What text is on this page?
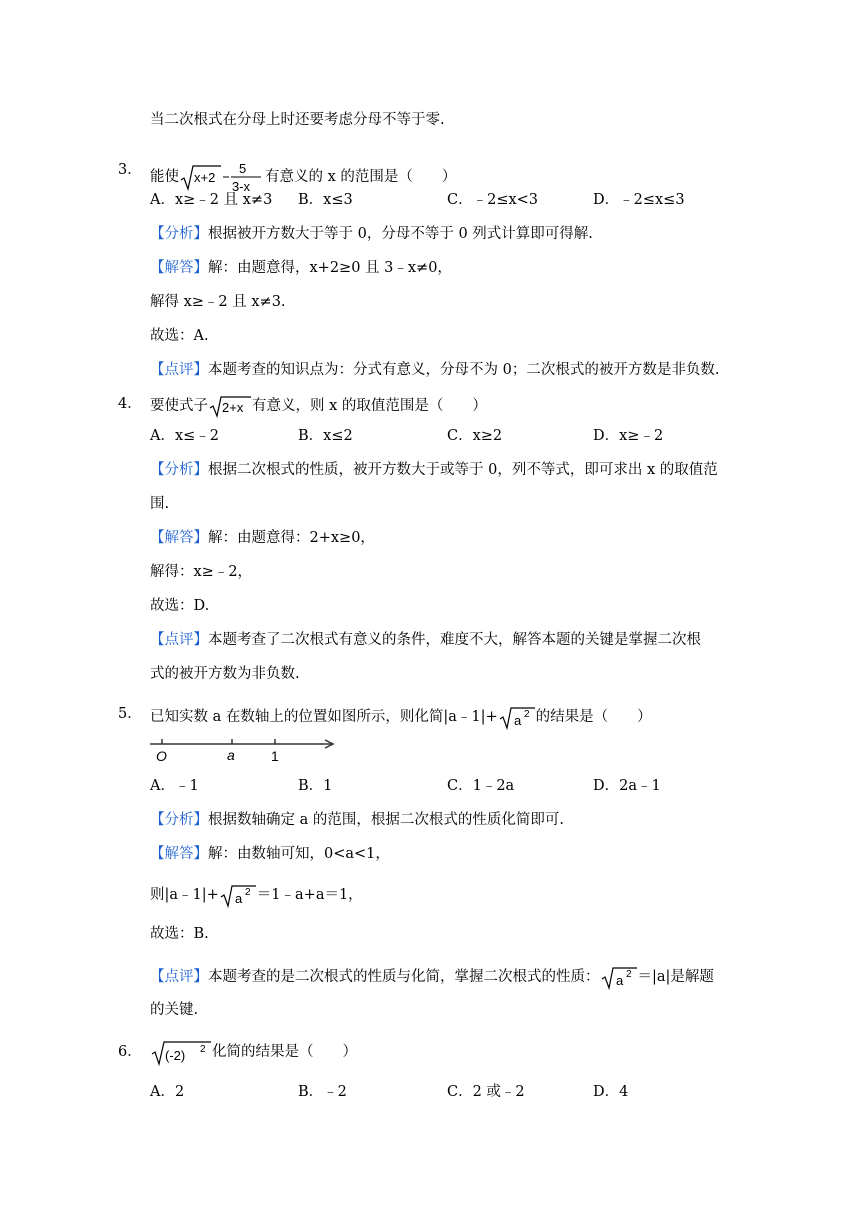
当二次根式在分母上时还要考虑分母不等于零.
3． 能使 x+2
5
3-x
有意义的 x 的范围是（　　）
A．x≥﹣2 且 x≠3 B．x≤3	C．﹣2≤x<3	D．﹣2≤x≤3
【分析】根据被开方数大于等于 0，分母不等于 0 列式计算即可得解.
【解答】解：由题意得，x+2≥0 且 3﹣x≠0，
解得 x≥﹣2 且 x≠3.
故选：A.
【点评】本题考查的知识点为：分式有意义，分母不为 0；二次根式的被开方数是非负数.
4． 要使式子 2+x 有意义，则 x 的取值范围是（　　）
A．x≤﹣2	B．x≤2	C．x≥2	D．x≥﹣2
【分析】根据二次根式的性质，被开方数大于或等于 0，列不等式，即可求出 x 的取值范
围.
【解答】解：由题意得：2+x≥0，
解得：x≥﹣2，
故选：D.
【点评】本题考查了二次根式有意义的条件，难度不大，解答本题的关键是掌握二次根
式的被开方数为非负数.
5． 已知实数 a 在数轴上的位置如图所示，则化简|a﹣1|+ a 2 的结果是（　　）
O	a	1
A．﹣1	B．1	C．1﹣2a	D．2a﹣1
【分析】根据数轴确定 a 的范围，根据二次根式的性质化简即可.
【解答】解：由数轴可知，0<a<1，
则|a﹣1|+ a 2 ＝1﹣a+a＝1，
故选：B.
【点评】本题考查的是二次根式的性质与化简，掌握二次根式的性质： a 2 ＝|a|是解题
的关键.
6． (-2) 2 化简的结果是（　　）
A．2	B．﹣2	C．2 或﹣2	D．4
